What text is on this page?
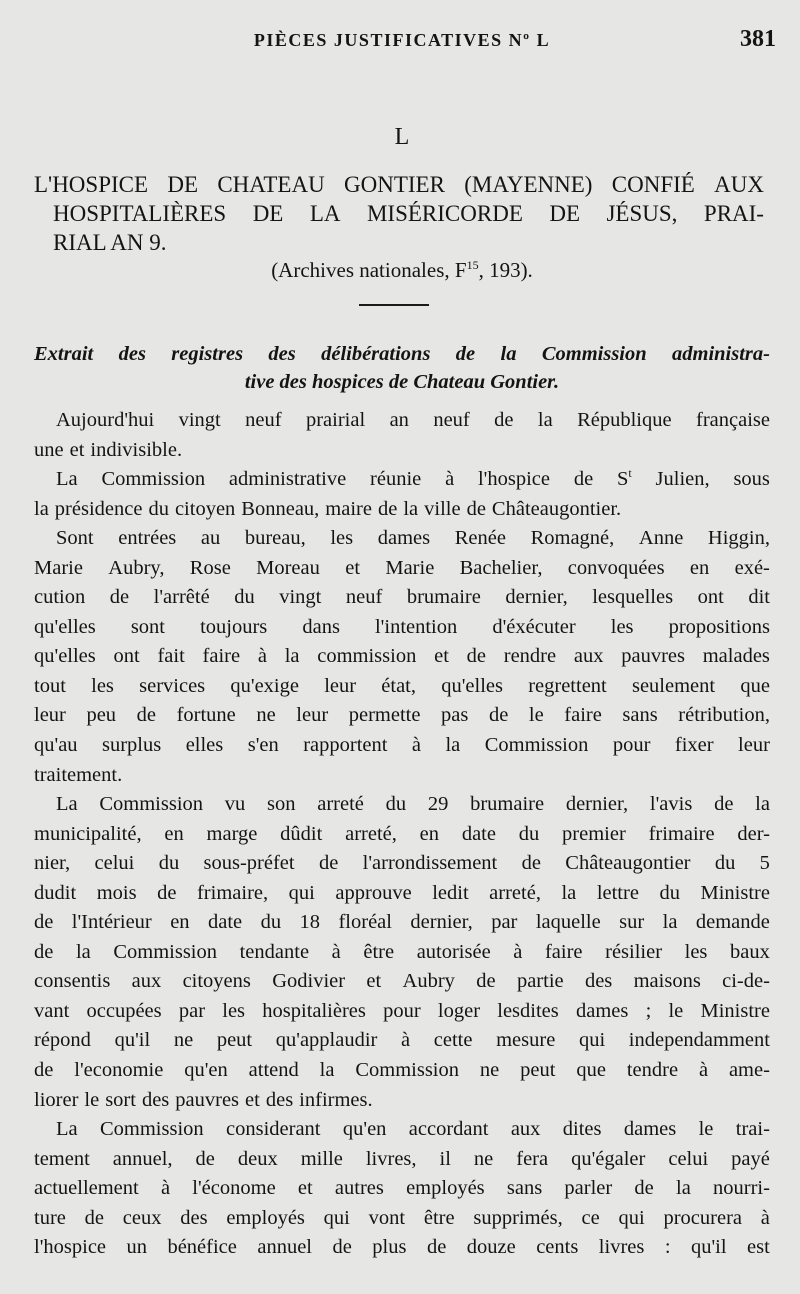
PIÈCES JUSTIFICATIVES Nº L	381
L
L'HOSPICE DE CHATEAU GONTIER (MAYENNE) CONFIÉ AUX
HOSPITALIÈRES DE LA MISÉRICORDE DE JÉSUS, PRAI-
RIAL AN 9.
(Archives nationales, $F^{15}$, 193).
Extrait des registres des délibérations de la Commission administra-
tive des hospices de Chateau Gontier.
Aujourd'hui vingt neuf prairial an neuf de la République française
une et indivisible.
La Commission administrative réunie à l'hospice de $S^t$ Julien, sous
la présidence du citoyen Bonneau, maire de la ville de Châteaugontier.
Sont entrées au bureau, les dames Renée Romagné, Anne Higgin,
Marie Aubry, Rose Moreau et Marie Bachelier, convoquées en exé-
cution de l'arrêté du vingt neuf brumaire dernier, lesquelles ont dit
qu'elles sont toujours dans l'intention d'éxécuter les propositions
qu'elles ont fait faire à la commission et de rendre aux pauvres malades
tout les services qu'exige leur état, qu'elles regrettent seulement que
leur peu de fortune ne leur permette pas de le faire sans rétribution,
qu'au surplus elles s'en rapportent à la Commission pour fixer leur
traitement.
La Commission vu son arreté du 29 brumaire dernier, l'avis de la
municipalité, en marge dûdit arreté, en date du premier frimaire der-
nier, celui du sous-préfet de l'arrondissement de Châteaugontier du 5
dudit mois de frimaire, qui approuve ledit arreté, la lettre du Ministre
de l'Intérieur en date du 18 floréal dernier, par laquelle sur la demande
de la Commission tendante à être autorisée à faire résilier les baux
consentis aux citoyens Godivier et Aubry de partie des maisons ci-de-
vant occupées par les hospitalières pour loger lesdites dames ; le Ministre
répond qu'il ne peut qu'applaudir à cette mesure qui independamment
de l'economie qu'en attend la Commission ne peut que tendre à ame-
liorer le sort des pauvres et des infirmes.
La Commission considerant qu'en accordant aux dites dames le trai-
tement annuel, de deux mille livres, il ne fera qu'égaler celui payé
actuellement à l'économe et autres employés sans parler de la nourri-
ture de ceux des employés qui vont être supprimés, ce qui procurera à
l'hospice un bénéfice annuel de plus de douze cents livres : qu'il est
